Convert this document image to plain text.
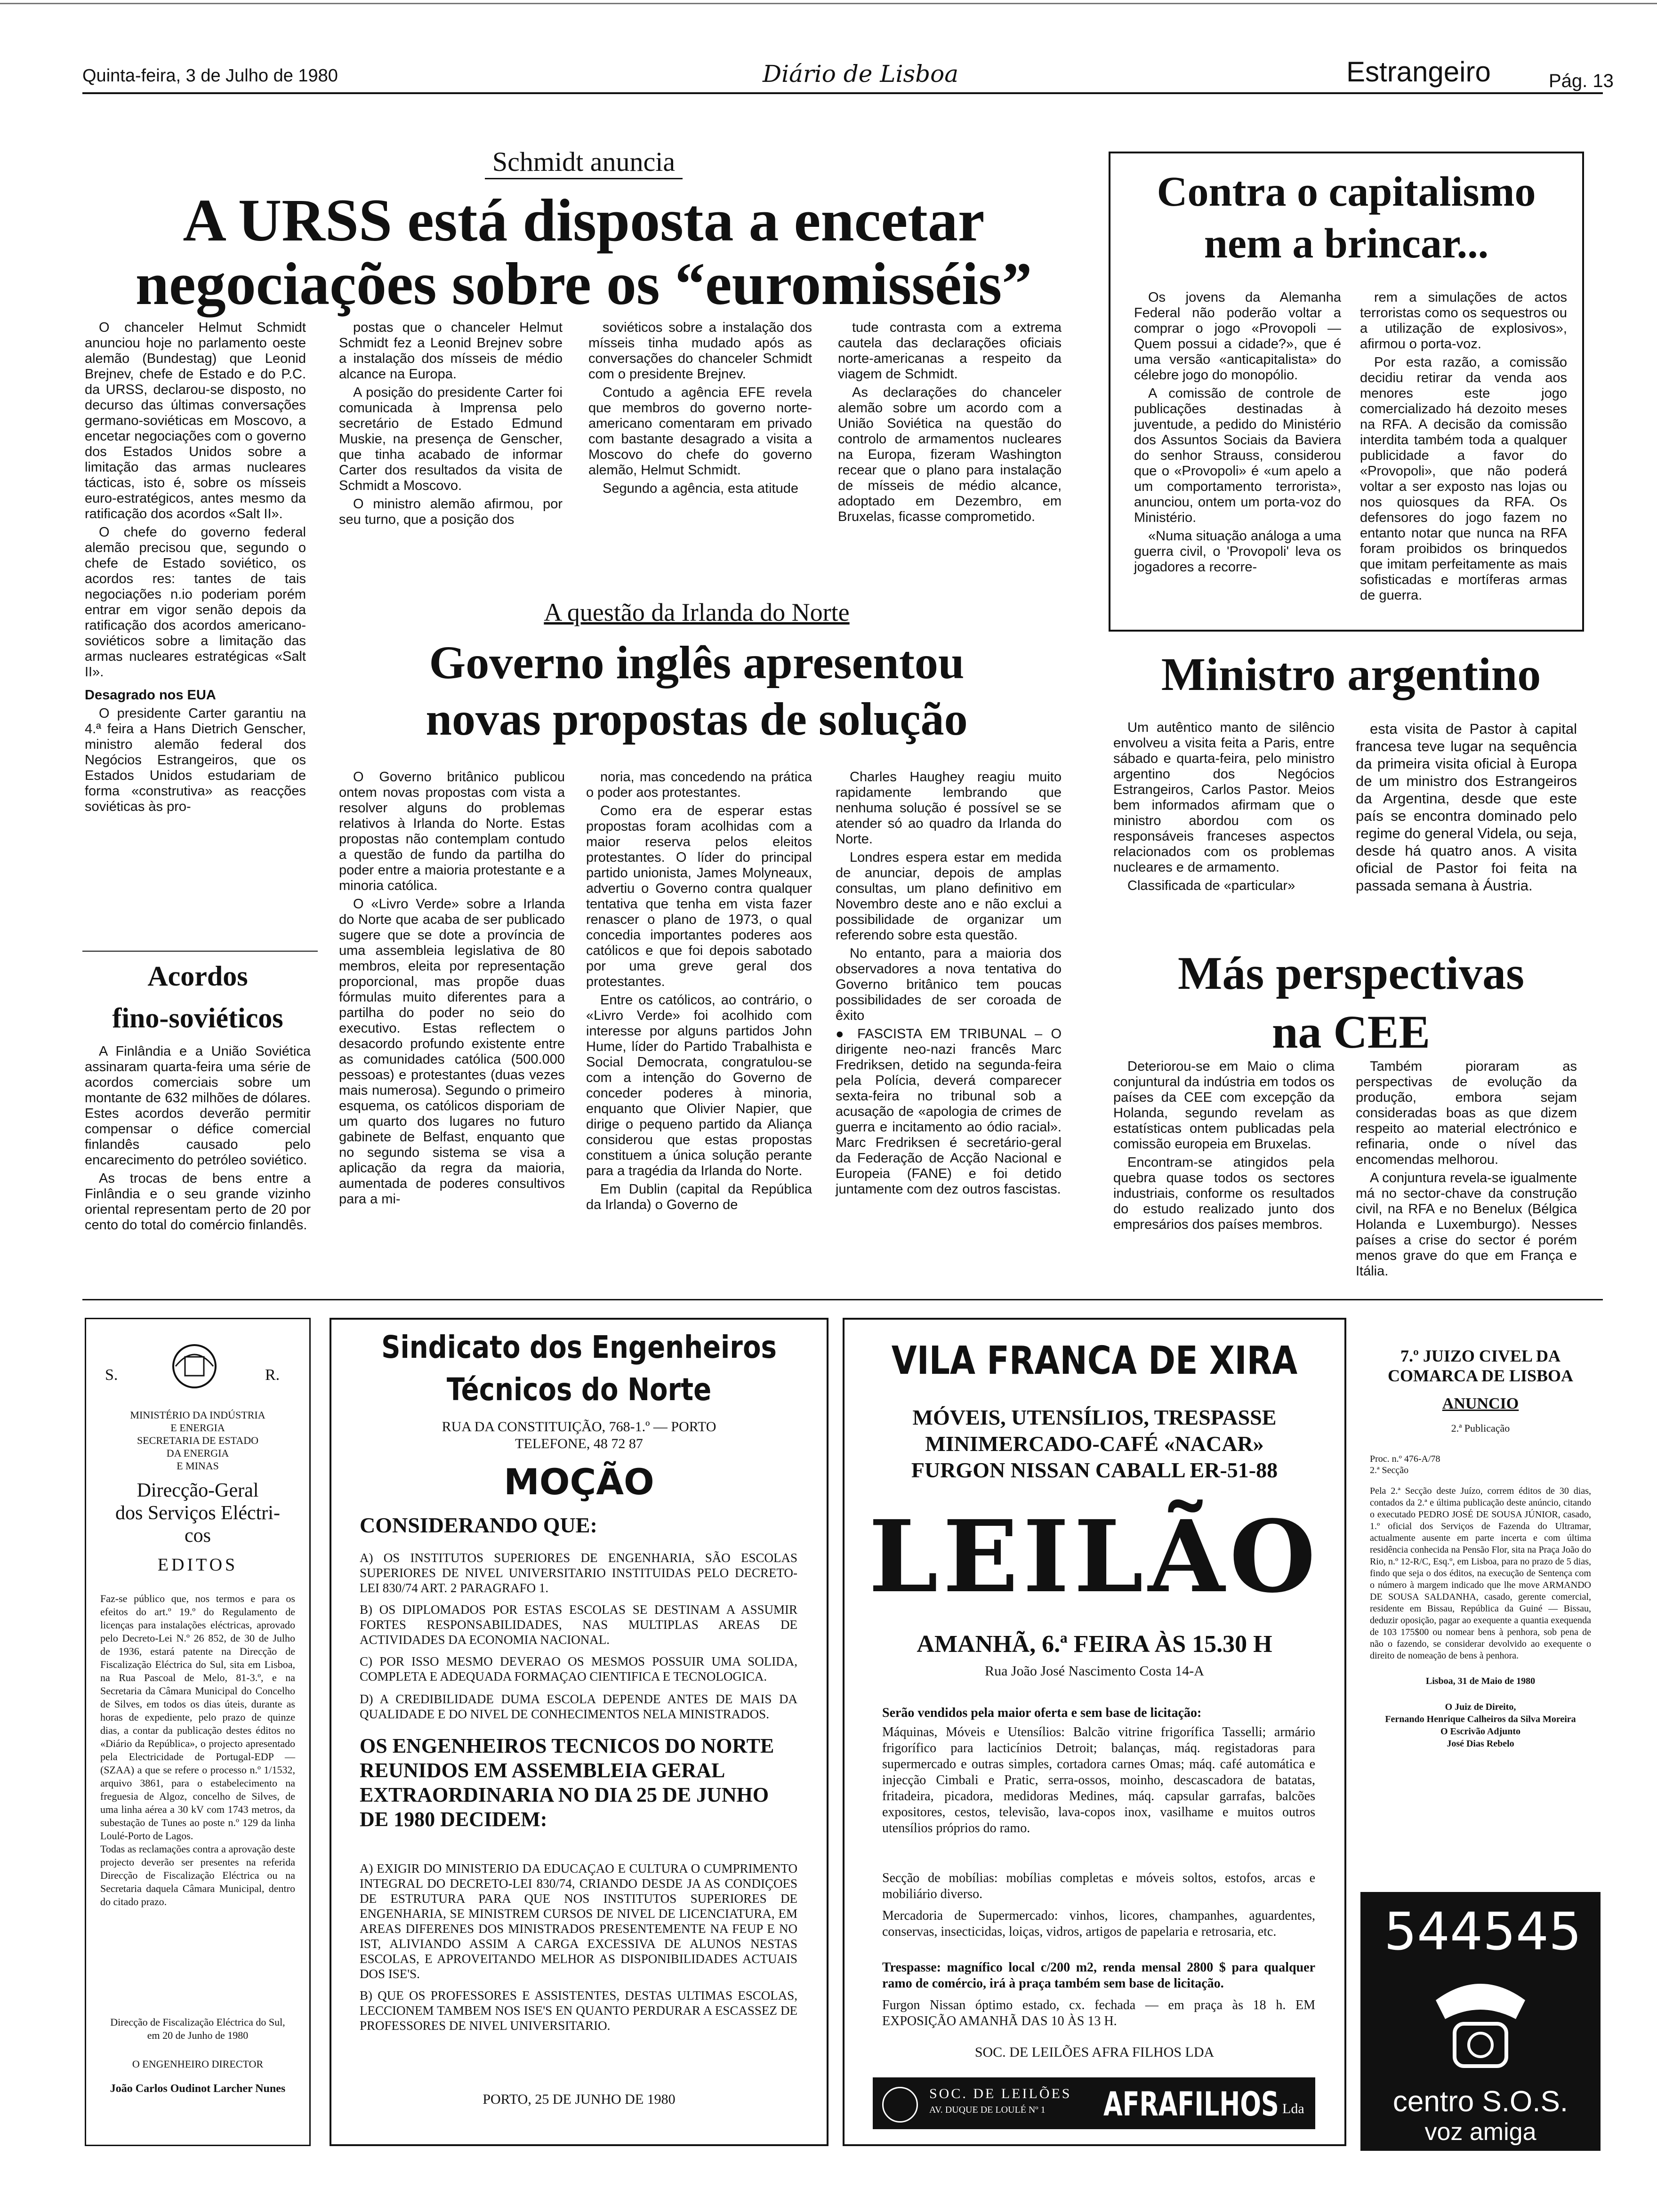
Quinta-feira, 3 de Julho de 1980	Diário de Lisboa	Estrangeiro	Pág. 13
Schmidt anuncia
A URSS está disposta a encetar
negociações sobre os “euromisséis”

O chanceler Helmut Schmidt anunciou hoje no parlamento oeste alemão (Bundestag) que Leonid Brejnev, chefe de Estado e do P.C. da URSS, declarou-se disposto, no decurso das últimas conversações germano-soviéticas em Moscovo, a encetar negociações com o governo dos Estados Unidos sobre a limitação das armas nucleares tácticas, isto é, sobre os mísseis euro-estratégicos, antes mesmo da ratificação dos acordos «Salt II».

O chefe do governo federal alemão precisou que, segundo o chefe de Estado soviético, os acordos res: tantes de tais negociações n.io poderiam porém entrar em vigor senão depois da ratificação dos acordos americano-soviéticos sobre a limitação das armas nucleares estratégicas «Salt II».

Desagrado nos EUA

O presidente Carter garantiu na 4.ª feira a Hans Dietrich Genscher, ministro alemão federal dos Negócios Estrangeiros, que os Estados Unidos estudariam de forma «construtiva» as reacções soviéticas às pro-

postas que o chanceler Helmut Schmidt fez a Leonid Brejnev sobre a instalação dos mísseis de médio alcance na Europa.

A posição do presidente Carter foi comunicada à Imprensa pelo secretário de Estado Edmund Muskie, na presença de Genscher, que tinha acabado de informar Carter dos resultados da visita de Schmidt a Moscovo.

O ministro alemão afirmou, por seu turno, que a posição dos

soviéticos sobre a instalação dos mísseis tinha mudado após as conversações do chanceler Schmidt com o presidente Brejnev.

Contudo a agência EFE revela que membros do governo norte-americano comentaram em privado com bastante desagrado a visita a Moscovo do chefe do governo alemão, Helmut Schmidt.

Segundo a agência, esta atitude

tude contrasta com a extrema cautela das declarações oficiais norte-americanas a respeito da viagem de Schmidt.

As declarações do chanceler alemão sobre um acordo com a União Soviética na questão do controlo de armamentos nucleares na Europa, fizeram Washington recear que o plano para instalação de mísseis de médio alcance, adoptado em Dezembro, em Bruxelas, ficasse comprometido.

Contra o capitalismo
nem a brincar...

Os jovens da Alemanha Federal não poderão voltar a comprar o jogo «Provopoli — Quem possui a cidade?», que é uma versão «anticapitalista» do célebre jogo do monopólio.

A comissão de controle de publicações destinadas à juventude, a pedido do Ministério dos Assuntos Sociais da Baviera do senhor Strauss, considerou que o «Provopoli» é «um apelo a um comportamento terrorista», anunciou, ontem um porta-voz do Ministério.

«Numa situação análoga a uma guerra civil, o 'Provopoli' leva os jogadores a recorre-

rem a simulações de actos terroristas como os sequestros ou a utilização de explosivos», afirmou o porta-voz.

Por esta razão, a comissão decidiu retirar da venda aos menores este jogo comercializado há dezoito meses na RFA. A decisão da comissão interdita também toda a qualquer publicidade a favor do «Provopoli», que não poderá voltar a ser exposto nas lojas ou nos quiosques da RFA. Os defensores do jogo fazem no entanto notar que nunca na RFA foram proibidos os brinquedos que imitam perfeitamente as mais sofisticadas e mortíferas armas de guerra.

Acordos
fino-soviéticos

A Finlândia e a União Soviética assinaram quarta-feira uma série de acordos comerciais sobre um montante de 632 milhões de dólares. Estes acordos deverão permitir compensar o défice comercial finlandês causado pelo encarecimento do petróleo soviético.

As trocas de bens entre a Finlândia e o seu grande vizinho oriental representam perto de 20 por cento do total do comércio finlandês.

A questão da Irlanda do Norte
Governo inglês apresentou
novas propostas de solução

O Governo britânico publicou ontem novas propostas com vista a resolver alguns do problemas relativos à Irlanda do Norte. Estas propostas não contemplam contudo a questão de fundo da partilha do poder entre a maioria protestante e a minoria católica.

O «Livro Verde» sobre a Irlanda do Norte que acaba de ser publicado sugere que se dote a província de uma assembleia legislativa de 80 membros, eleita por representação proporcional, mas propõe duas fórmulas muito diferentes para a partilha do poder no seio do executivo. Estas reflectem o desacordo profundo existente entre as comunidades católica (500.000 pessoas) e protestantes (duas vezes mais numerosa). Segundo o primeiro esquema, os católicos disporiam de um quarto dos lugares no futuro gabinete de Belfast, enquanto que no segundo sistema se visa a aplicação da regra da maioria, aumentada de poderes consultivos para a mi-

noria, mas concedendo na prática o poder aos protestantes.

Como era de esperar estas propostas foram acolhidas com a maior reserva pelos eleitos protestantes. O líder do principal partido unionista, James Molyneaux, advertiu o Governo contra qualquer tentativa que tenha em vista fazer renascer o plano de 1973, o qual concedia importantes poderes aos católicos e que foi depois sabotado por uma greve geral dos protestantes.

Entre os católicos, ao contrário, o «Livro Verde» foi acolhido com interesse por alguns partidos John Hume, líder do Partido Trabalhista e Social Democrata, congratulou-se com a intenção do Governo de conceder poderes à minoria, enquanto que Olivier Napier, que dirige o pequeno partido da Aliança considerou que estas propostas constituem a única solução perante para a tragédia da Irlanda do Norte.

Em Dublin (capital da República da Irlanda) o Governo de

Charles Haughey reagiu muito rapidamente lembrando que nenhuma solução é possível se se atender só ao quadro da Irlanda do Norte.

Londres espera estar em medida de anunciar, depois de amplas consultas, um plano definitivo em Novembro deste ano e não exclui a possibilidade de organizar um referendo sobre esta questão.

No entanto, para a maioria dos observadores a nova tentativa do Governo britânico tem poucas possibilidades de ser coroada de êxito

● FASCISTA EM TRIBUNAL – O dirigente neo-nazi francês Marc Fredriksen, detido na segunda-feira pela Polícia, deverá comparecer sexta-feira no tribunal sob a acusação de «apologia de crimes de guerra e incitamento ao ódio racial». Marc Fredriksen é secretário-geral da Federação de Acção Nacional e Europeia (FANE) e foi detido juntamente com dez outros fascistas.

Ministro argentino

Um autêntico manto de silêncio envolveu a visita feita a Paris, entre sábado e quarta-feira, pelo ministro argentino dos Negócios Estrangeiros, Carlos Pastor. Meios bem informados afirmam que o ministro abordou com os responsáveis franceses aspectos relacionados com os problemas nucleares e de armamento.

Classificada de «particular»

esta visita de Pastor à capital francesa teve lugar na sequência da primeira visita oficial à Europa de um ministro dos Estrangeiros da Argentina, desde que este país se encontra dominado pelo regime do general Videla, ou seja, desde há quatro anos. A visita oficial de Pastor foi feita na passada semana à Áustria.

Más perspectivas
na CEE

Deteriorou-se em Maio o clima conjuntural da indústria em todos os países da CEE com excepção da Holanda, segundo revelam as estatísticas ontem publicadas pela comissão europeia em Bruxelas.

Encontram-se atingidos pela quebra quase todos os sectores industriais, conforme os resultados do estudo realizado junto dos empresários dos países membros.

Também pioraram as perspectivas de evolução da produção, embora sejam consideradas boas as que dizem respeito ao material electrónico e refinaria, onde o nível das encomendas melhorou.

A conjuntura revela-se igualmente má no sector-chave da construção civil, na RFA e no Benelux (Bélgica Holanda e Luxemburgo). Nesses países a crise do sector é porém menos grave do que em França e Itália.

S.	R.
MINISTÉRIO DA INDÚSTRIA
E ENERGIA
SECRETARIA DE ESTADO
DA ENERGIA
E MINAS
Direcção-Geral
dos Serviços Eléctri-
cos
EDITOS
Faz-se público que, nos termos e para os efeitos do art.º 19.º do Regulamento de licenças para instalações eléctricas, aprovado pelo Decreto-Lei N.º 26 852, de 30 de Julho de 1936, estará patente na Direcção de Fiscalização Eléctrica do Sul, sita em Lisboa, na Rua Pascoal de Melo, 81-3.º, e na Secretaria da Câmara Municipal do Concelho de Silves, em todos os dias úteis, durante as horas de expediente, pelo prazo de quinze dias, a contar da publicação destes éditos no «Diário da República», o projecto apresentado pela Electricidade de Portugal-EDP — (SZAA) a que se refere o processo n.º 1/1532, arquivo 3861, para o estabelecimento na freguesia de Algoz, concelho de Silves, de uma linha aérea a 30 kV com 1743 metros, da subestação de Tunes ao poste n.º 129 da linha Loulé-Porto de Lagos.
Todas as reclamações contra a aprovação deste projecto deverão ser presentes na referida Direcção de Fiscalização Eléctrica ou na Secretaria daquela Câmara Municipal, dentro do citado prazo.
Direcção de Fiscalização Eléctrica do Sul, em 20 de Junho de 1980
O ENGENHEIRO DIRECTOR
João Carlos Oudinot Larcher Nunes
Sindicato dos Engenheiros
Técnicos do Norte
RUA DA CONSTITUIÇÃO, 768-1.º — PORTO
TELEFONE, 48 72 87
MOÇÃO
CONSIDERANDO QUE:
A) OS INSTITUTOS SUPERIORES DE ENGENHARIA, SÃO ESCOLAS SUPERIORES DE NIVEL UNIVERSITARIO INSTITUIDAS PELO DECRETO-LEI 830/74 ART. 2 PARAGRAFO 1.
B) OS DIPLOMADOS POR ESTAS ESCOLAS SE DESTINAM A ASSUMIR FORTES RESPONSABILIDADES, NAS MULTIPLAS AREAS DE ACTIVIDADES DA ECONOMIA NACIONAL.
C) POR ISSO MESMO DEVERAO OS MESMOS POSSUIR UMA SOLIDA, COMPLETA E ADEQUADA FORMAÇAO CIENTIFICA E TECNOLOGICA.
D) A CREDIBILIDADE DUMA ESCOLA DEPENDE ANTES DE MAIS DA QUALIDADE E DO NIVEL DE CONHECIMENTOS NELA MINISTRADOS.
OS ENGENHEIROS TECNICOS DO NORTE REUNIDOS EM ASSEMBLEIA GERAL EXTRAORDINARIA NO DIA 25 DE JUNHO DE 1980 DECIDEM:
A) EXIGIR DO MINISTERIO DA EDUCAÇAO E CULTURA O CUMPRIMENTO INTEGRAL DO DECRETO-LEI 830/74, CRIANDO DESDE JA AS CONDIÇOES DE ESTRUTURA PARA QUE NOS INSTITUTOS SUPERIORES DE ENGENHARIA, SE MINISTREM CURSOS DE NIVEL DE LICENCIATURA, EM AREAS DIFERENES DOS MINISTRADOS PRESENTEMENTE NA FEUP E NO IST, ALIVIANDO ASSIM A CARGA EXCESSIVA DE ALUNOS NESTAS ESCOLAS, E APROVEITANDO MELHOR AS DISPONIBILIDADES ACTUAIS DOS ISE'S.
B) QUE OS PROFESSORES E ASSISTENTES, DESTAS ULTIMAS ESCOLAS, LECCIONEM TAMBEM NOS ISE'S EN QUANTO PERDURAR A ESCASSEZ DE PROFESSORES DE NIVEL UNIVERSITARIO.
PORTO, 25 DE JUNHO DE 1980
VILA FRANCA DE XIRA
MÓVEIS, UTENSÍLIOS, TRESPASSE
MINIMERCADO-CAFÉ «NACAR»
FURGON NISSAN CABALL ER-51-88
LEILÃO
AMANHÃ, 6.ª FEIRA ÀS 15.30 H
Rua João José Nascimento Costa 14-A
Serão vendidos pela maior oferta e sem base de licitação:
Máquinas, Móveis e Utensílios: Balcão vitrine frigorífica Tasselli; armário frigorífico para lacticínios Detroit; balanças, máq. registadoras para supermercado e outras simples, cortadora carnes Omas; máq. café automática e injecção Cimbali e Pratic, serra-ossos, moinho, descascadora de batatas, fritadeira, picadora, medidoras Medines, máq. capsular garrafas, balcões expositores, cestos, televisão, lava-copos inox, vasilhame e muitos outros utensílios próprios do ramo.
Secção de mobílias: mobílias completas e móveis soltos, estofos, arcas e mobiliário diverso.
Mercadoria de Supermercado: vinhos, licores, champanhes, aguardentes, conservas, insecticidas, loiças, vidros, artigos de papelaria e retrosaria, etc.
Trespasse: magnífico local c/200 m2, renda mensal 2800 $ para qualquer ramo de comércio, irá à praça também sem base de licitação.
Furgon Nissan óptimo estado, cx. fechada — em praça às 18 h. EM EXPOSIÇÃO AMANHÃ DAS 10 ÀS 13 H.
SOC. DE LEILÕES AFRA FILHOS LDA
SOC. DE LEILÕES
AV. DUQUE DE LOULÉ Nº 1 AFRAFILHOS Lda
7.º JUIZO CIVEL DA
COMARCA DE LISBOA
ANUNCIO
2.ª Publicação
Proc. n.º 476-A/78
2.ª Secção
Pela 2.ª Secção deste Juízo, correm éditos de 30 dias, contados da 2.ª e última publicação deste anúncio, citando o executado PEDRO JOSÉ DE SOUSA JÚNIOR, casado, 1.º oficial dos Serviços de Fazenda do Ultramar, actualmente ausente em parte incerta e com última residência conhecida na Pensão Flor, sita na Praça João do Rio, n.º 12-R/C, Esq.º, em Lisboa, para no prazo de 5 dias, findo que seja o dos éditos, na execução de Sentença com o número à margem indicado que lhe move ARMANDO DE SOUSA SALDANHA, casado, gerente comercial, residente em Bissau, República da Guiné — Bissau, deduzir oposição, pagar ao exequente a quantia exequenda de 103 175$00 ou nomear bens à penhora, sob pena de não o fazendo, se considerar devolvido ao exequente o direito de nomeação de bens à penhora.
Lisboa, 31 de Maio de 1980
O Juiz de Direito,
Fernando Henrique Calheiros da Silva Moreira
O Escrivão Adjunto
José Dias Rebelo
544545
centro S.O.S.
voz amiga
